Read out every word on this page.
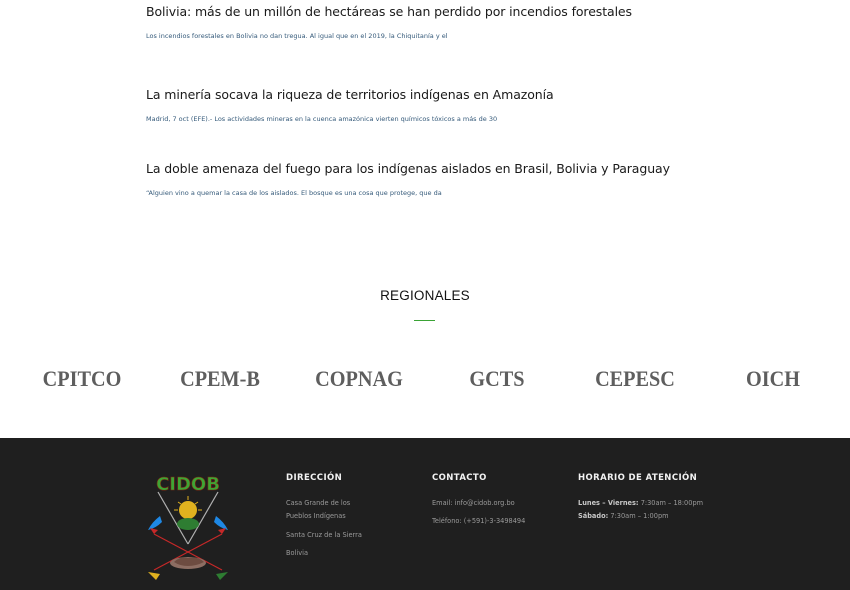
Bolivia: más de un millón de hectáreas se han perdido por incendios forestales

Los incendios forestales en Bolivia no dan tregua. Al igual que en el 2019, la Chiquitanía y el

La minería socava la riqueza de territorios indígenas en Amazonía

Madrid, 7 oct (EFE).- Los actividades mineras en la cuenca amazónica vierten químicos tóxicos a más de 30

La doble amenaza del fuego para los indígenas aislados en Brasil, Bolivia y Paraguay

“Alguien vino a quemar la casa de los aislados. El bosque es una cosa que protege, que da

REGIONALES
CPITCO	CPEM-B	COPNAG	GCTS	CEPESC	OICH
CIDOB	DIRECCIÓN
Casa Grande de los
Pueblos Indígenas
Santa Cruz de la Sierra
Bolivia
CONTACTO
Email: info@cidob.org.bo
Teléfono: (+591)-3-3498494
HORARIO DE ATENCIÓN
Lunes – Viernes: 7:30am – 18:00pm
Sábado: 7:30am – 1:00pm
